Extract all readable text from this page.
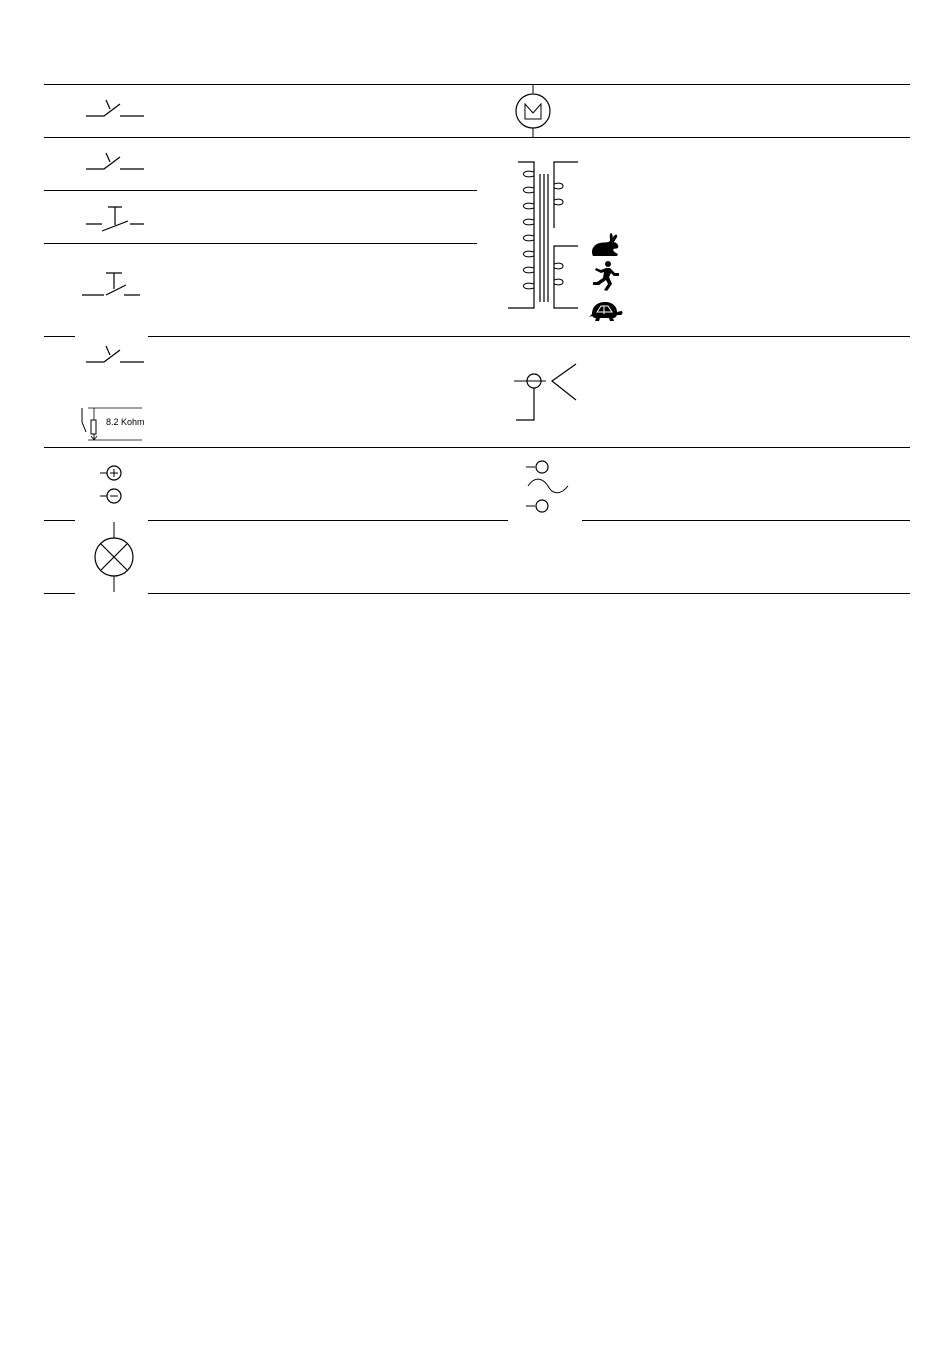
8.2 Kohm
